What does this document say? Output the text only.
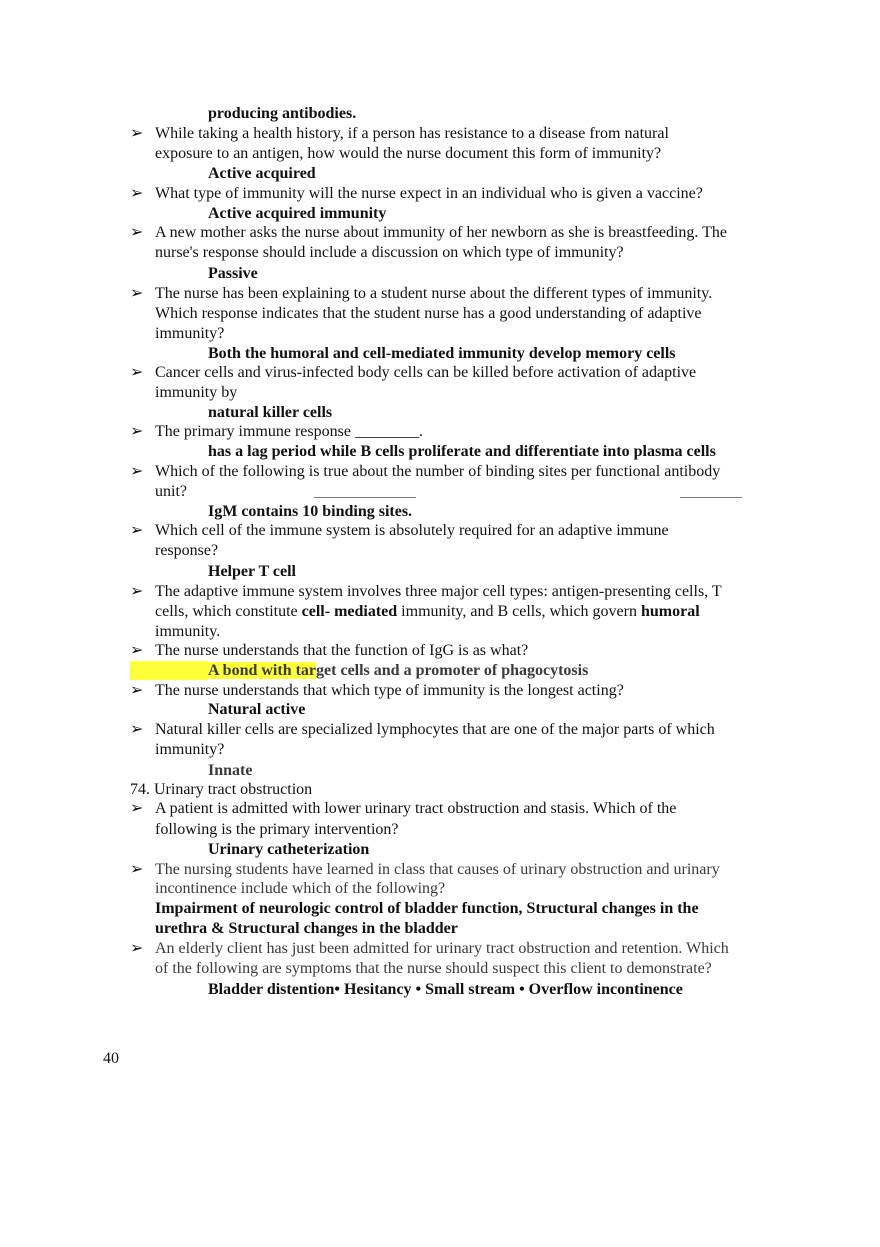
producing antibodies.
➢ While taking a health history, if a person has resistance to a disease from natural
exposure to an antigen, how would the nurse document this form of immunity?
Active acquired
➢ What type of immunity will the nurse expect in an individual who is given a vaccine?
Active acquired immunity
➢ A new mother asks the nurse about immunity of her newborn as she is breastfeeding. The
nurse's response should include a discussion on which type of immunity?
Passive
➢ The nurse has been explaining to a student nurse about the different types of immunity.
Which response indicates that the student nurse has a good understanding of adaptive
immunity?
Both the humoral and cell-mediated immunity develop memory cells
➢ Cancer cells and virus-infected body cells can be killed before activation of adaptive
immunity by
natural killer cells
➢ The primary immune response ________.
has a lag period while B cells proliferate and differentiate into plasma cells
➢ Which of the following is true about the number of binding sites per functional antibody
unit?
IgM contains 10 binding sites.
➢ Which cell of the immune system is absolutely required for an adaptive immune
response?
Helper T cell
➢ The adaptive immune system involves three major cell types: antigen-presenting cells, T
cells, which constitute cell- mediated immunity, and B cells, which govern humoral
immunity.
➢ The nurse understands that the function of IgG is as what?
A bond with target cells and a promoter of phagocytosis
➢ The nurse understands that which type of immunity is the longest acting?
Natural active
➢ Natural killer cells are specialized lymphocytes that are one of the major parts of which
immunity?
Innate
74. Urinary tract obstruction
➢ A patient is admitted with lower urinary tract obstruction and stasis. Which of the
following is the primary intervention?
Urinary catheterization
➢ The nursing students have learned in class that causes of urinary obstruction and urinary
incontinence include which of the following?
Impairment of neurologic control of bladder function, Structural changes in the
urethra & Structural changes in the bladder
➢ An elderly client has just been admitted for urinary tract obstruction and retention. Which
of the following are symptoms that the nurse should suspect this client to demonstrate?
Bladder distention• Hesitancy • Small stream • Overflow incontinence
40
